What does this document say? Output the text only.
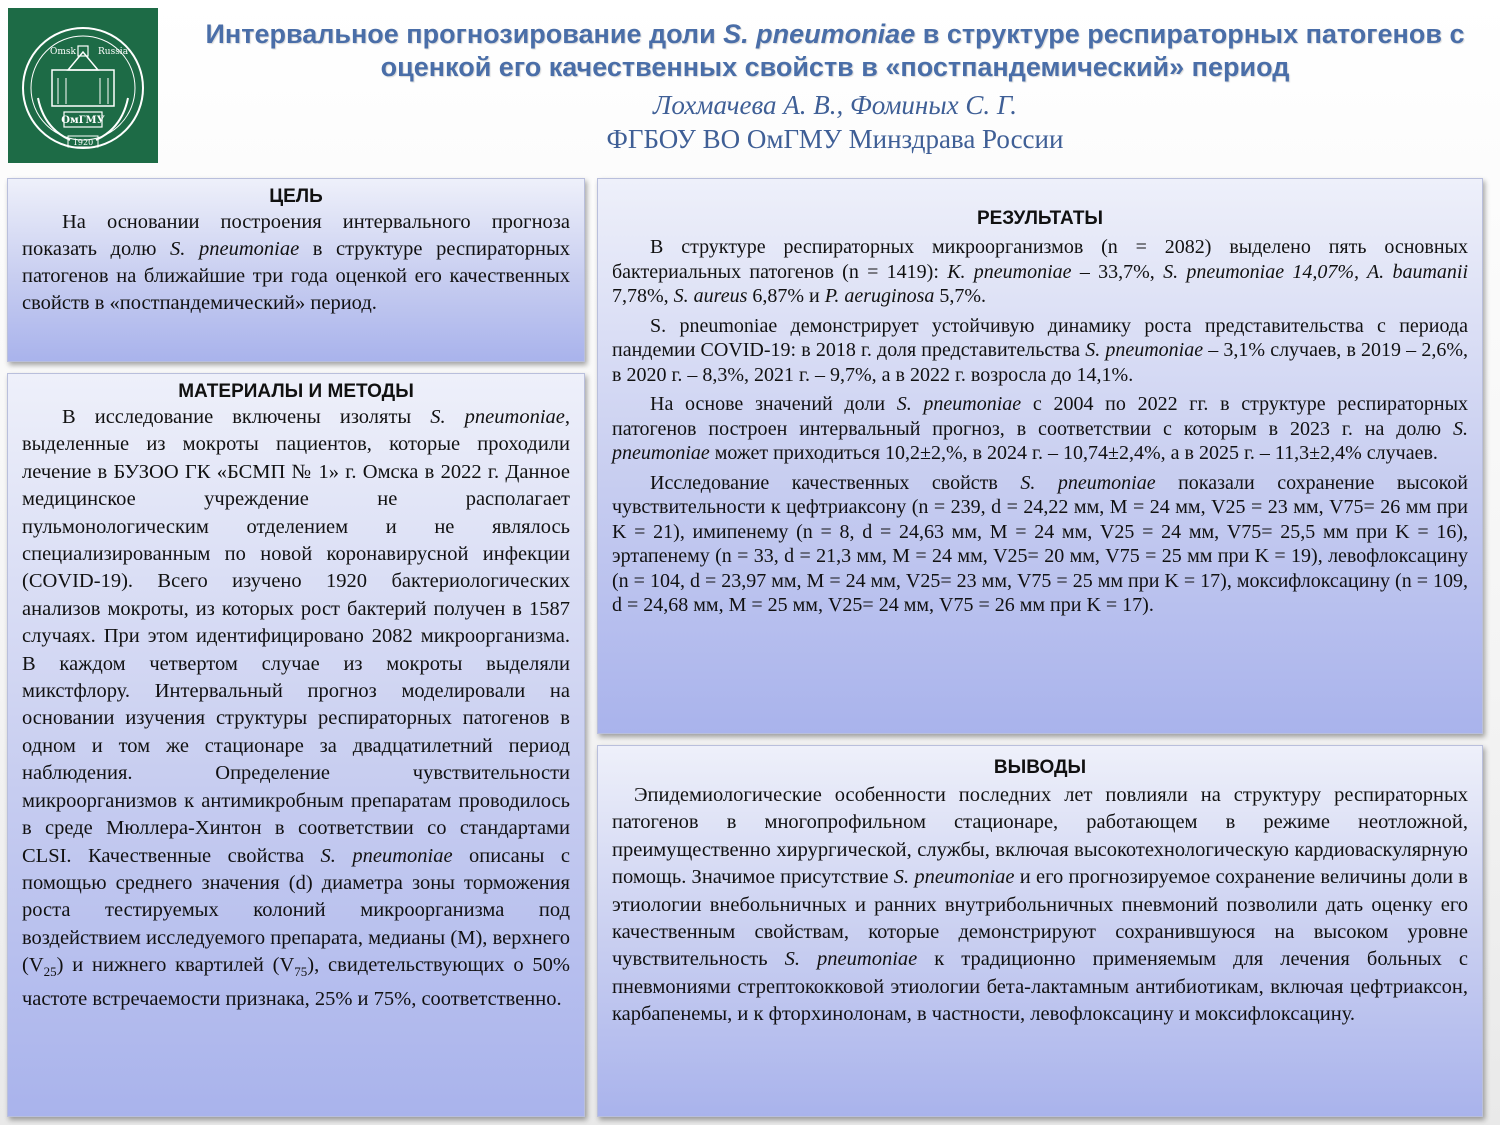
Omsk Russia
ОмГМУ
1920
Интервальное прогнозирование доли S. pneumoniae в структуре респираторных патогенов с оценкой его качественных свойств в «постпандемический» период
Лохмачева А. В., Фоминых С. Г.
ФГБОУ ВО ОмГМУ Минздрава России
ЦЕЛЬ

На основании построения интервального прогноза показать долю S. pneumoniae в структуре респираторных патогенов на ближайшие три года оценкой его качественных свойств в «постпандемический» период.

МАТЕРИАЛЫ И МЕТОДЫ

В исследование включены изоляты S. pneumoniae, выделенные из мокроты пациентов, которые проходили лечение в БУЗОО ГК «БСМП № 1» г. Омска в 2022 г. Данное медицинское учреждение не располагает пульмонологическим отделением и не являлось специализированным по новой коронавирусной инфекции (COVID-19). Всего изучено 1920 бактериологических анализов мокроты, из которых рост бактерий получен в 1587 случаях. При этом идентифицировано 2082 микроорганизма. В каждом четвертом случае из мокроты выделяли микстфлору. Интервальный прогноз моделировали на основании изучения структуры респираторных патогенов в одном и том же стационаре за двадцатилетний период наблюдения. Определение чувствительности микроорганизмов к антимикробным препаратам проводилось в среде Мюллера-Хинтон в соответствии со стандартами CLSI. Качественные свойства S. pneumoniae описаны с помощью среднего значения (d) диаметра зоны торможения роста тестируемых колоний микроорганизма под воздействием исследуемого препарата, медианы (M), верхнего $(V_{25})$ и нижнего квартилей $(V_{75})$, свидетельствующих о 50% частоте встречаемости признака, 25% и 75%, соответственно.

РЕЗУЛЬТАТЫ

В структуре респираторных микроорганизмов (n = 2082) выделено пять основных бактериальных патогенов (n = 1419): K. pneumoniae – 33,7%, S. pneumoniae 14,07%, A. baumanii 7,78%, S. aureus 6,87% и P. aeruginosa 5,7%.

S. pneumoniae демонстрирует устойчивую динамику роста представительства с периода пандемии COVID-19: в 2018 г. доля представительства S. pneumoniae – 3,1% случаев, в 2019 – 2,6%, в 2020 г. – 8,3%, 2021 г. – 9,7%, а в 2022 г. возросла до 14,1%.

На основе значений доли S. pneumoniae с 2004 по 2022 гг. в структуре респираторных патогенов построен интервальный прогноз, в соответствии с которым в 2023 г. на долю S. pneumoniae может приходиться 10,2±2,%, в 2024 г. – 10,74±2,4%, а в 2025 г. – 11,3±2,4% случаев.

Исследование качественных свойств S. pneumoniae показали сохранение высокой чувствительности к цефтриаксону (n = 239, d = 24,22 мм, M = 24 мм, V25 = 23 мм, V75= 26 мм при K = 21), имипенему (n = 8, d = 24,63 мм, M = 24 мм, V25 = 24 мм, V75= 25,5 мм при K = 16), эртапенему (n = 33, d = 21,3 мм, M = 24 мм, V25= 20 мм, V75 = 25 мм при K = 19), левофлоксацину (n = 104, d = 23,97 мм, M = 24 мм, V25= 23 мм, V75 = 25 мм при K = 17), моксифлоксацину (n = 109, d = 24,68 мм, M = 25 мм, V25= 24 мм, V75 = 26 мм при K = 17).

ВЫВОДЫ

Эпидемиологические особенности последних лет повлияли на структуру респираторных патогенов в многопрофильном стационаре, работающем в режиме неотложной, преимущественно хирургической, службы, включая высокотехнологическую кардиоваскулярную помощь. Значимое присутствие S. pneumoniae и его прогнозируемое сохранение величины доли в этиологии внебольничных и ранних внутрибольничных пневмоний позволили дать оценку его качественным свойствам, которые демонстрируют сохранившуюся на высоком уровне чувствительность S. pneumoniae к традиционно применяемым для лечения больных с пневмониями стрептококковой этиологии бета-лактамным антибиотикам, включая цефтриаксон, карбапенемы, и к фторхинолонам, в частности, левофлоксацину и моксифлоксацину.
